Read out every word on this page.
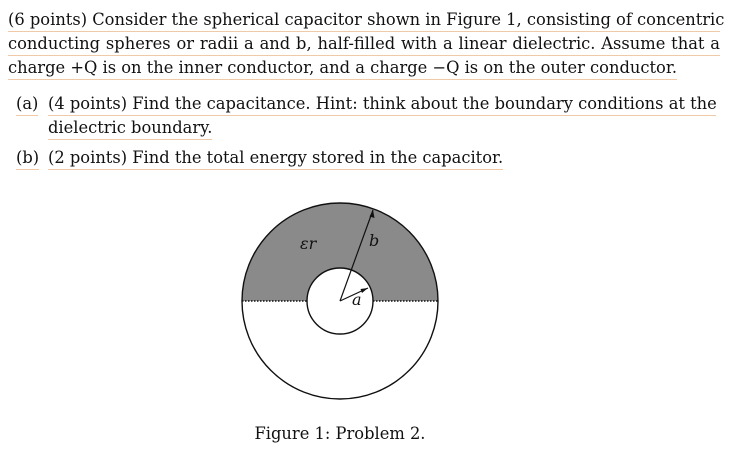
(6 points) Consider the spherical capacitor shown in Figure 1, consisting of concentric
conducting spheres or radii a and b, half-filled with a linear dielectric. Assume that a
charge +Q is on the inner conductor, and a charge −Q is on the outer conductor.
(a) (4 points) Find the capacitance. Hint: think about the boundary conditions at the
dielectric boundary.
(b) (2 points) Find the total energy stored in the capacitor.
εr	b
a
Figure 1: Problem 2.
